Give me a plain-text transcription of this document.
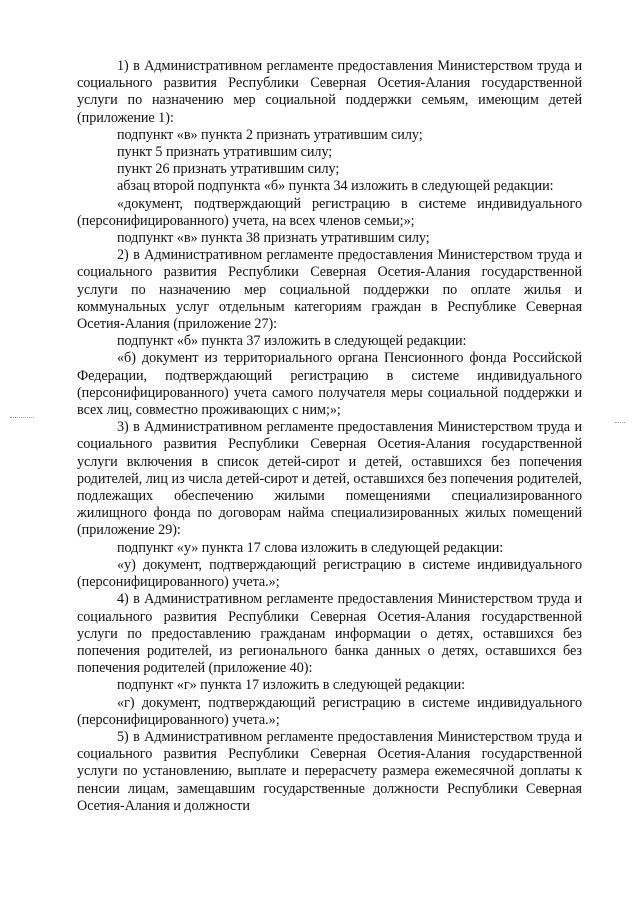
1) в Административном регламенте предоставления Министерством труда и социального развития Республики Северная Осетия-Алания государственной услуги по назначению мер социальной поддержки семьям, имеющим детей (приложение 1):

подпункт «в» пункта 2 признать утратившим силу;

пункт 5 признать утратившим силу;

пункт 26 признать утратившим силу;

абзац второй подпункта «б» пункта 34 изложить в следующей редакции:

«документ, подтверждающий регистрацию в системе индивидуального (персонифицированного) учета, на всех членов семьи;»;

подпункт «в» пункта 38 признать утратившим силу;

2) в Административном регламенте предоставления Министерством труда и социального развития Республики Северная Осетия-Алания государственной услуги по назначению мер социальной поддержки по оплате жилья и коммунальных услуг отдельным категориям граждан в Республике Северная Осетия-Алания (приложение 27):

подпункт «б» пункта 37 изложить в следующей редакции:

«б) документ из территориального органа Пенсионного фонда Российской Федерации, подтверждающий регистрацию в системе индивидуального (персонифицированного) учета самого получателя меры социальной поддержки и всех лиц, совместно проживающих с ним;»;

3) в Административном регламенте предоставления Министерством труда и социального развития Республики Северная Осетия-Алания государственной услуги включения в список детей-сирот и детей, оставшихся без попечения родителей, лиц из числа детей-сирот и детей, оставшихся без попечения родителей, подлежащих обеспечению жилыми помещениями специализированного жилищного фонда по договорам найма специализированных жилых помещений (приложение 29):

подпункт «у» пункта 17 слова изложить в следующей редакции:

«у) документ, подтверждающий регистрацию в системе индивидуального (персонифицированного) учета.»;

4) в Административном регламенте предоставления Министерством труда и социального развития Республики Северная Осетия-Алания государственной услуги по предоставлению гражданам информации о детях, оставшихся без попечения родителей, из регионального банка данных о детях, оставшихся без попечения родителей (приложение 40):

подпункт «г» пункта 17 изложить в следующей редакции:

«г) документ, подтверждающий регистрацию в системе индивидуального (персонифицированного) учета.»;

5) в Административном регламенте предоставления Министерством труда и социального развития Республики Северная Осетия-Алания государственной услуги по установлению, выплате и перерасчету размера ежемесячной доплаты к пенсии лицам, замещавшим государственные должности Республики Северная Осетия-Алания и должности
